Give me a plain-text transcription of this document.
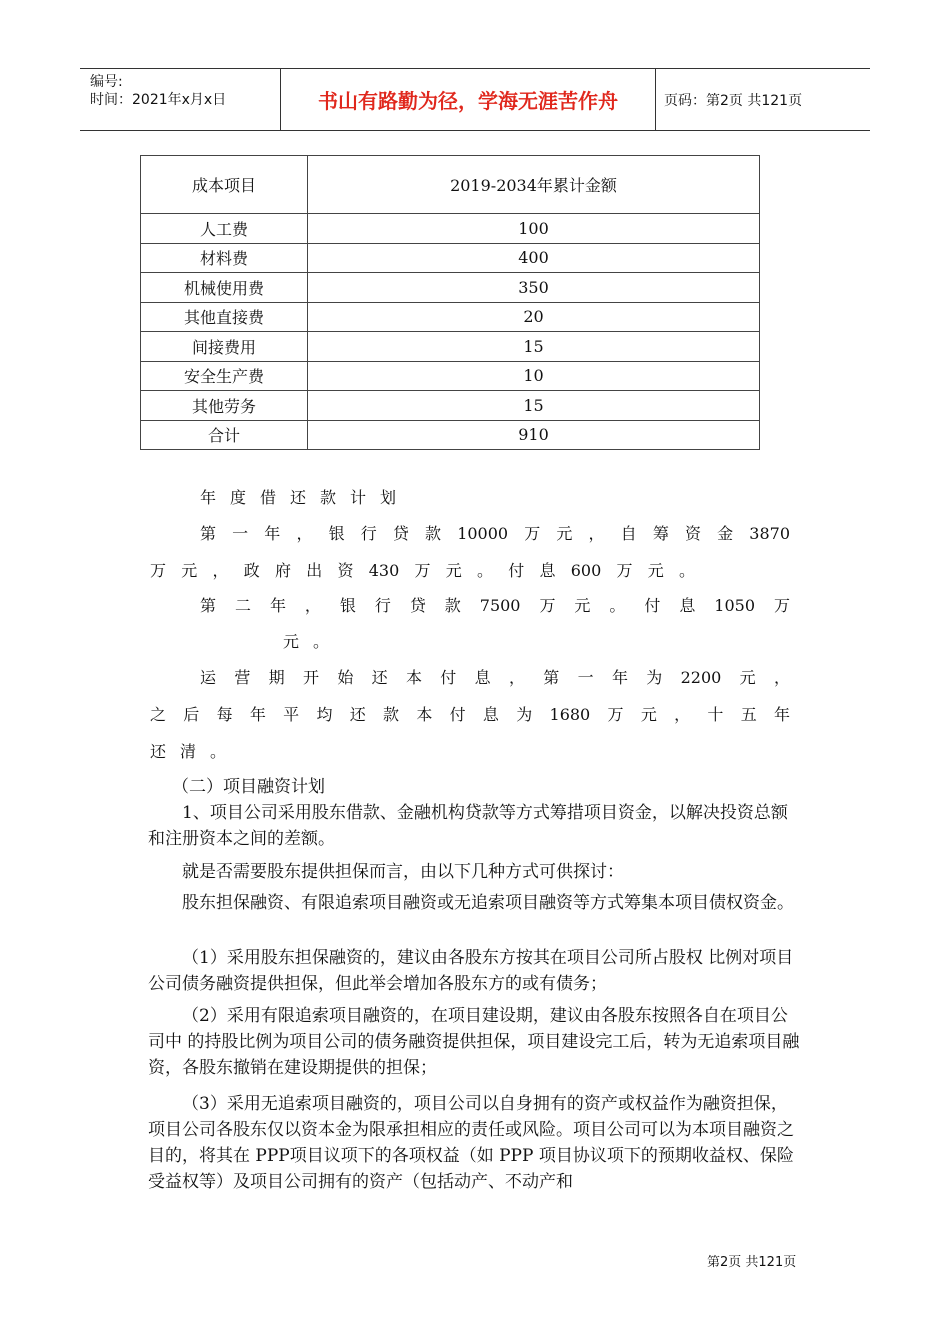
编号:
时间：2021年x月x日	书山有路勤为径，学海无涯苦作舟	页码：第2页 共121页
成本项目	2019-2034年累计金额
人工费	100
材料费	400
机械使用费	350
其他直接费	20
间接费用	15
安全生产费	10
其他劳务	15
合计	910
年度借还款计划
第一年，银行贷款10000万元，自筹资金3870
万元，政府出资430万元。付息600万元。
第二年，银行贷款7500万元。付息1050万
元。
运营期开始还本付息，第一年为2200元，
之后每年平均还款本付息为1680万元，十五年
还清。
（二）项目融资计划
1、项目公司采用股东借款、金融机构贷款等方式筹措项目资金，以解决投资总额和注册资本之间的差额。
就是否需要股东提供担保而言，由以下几种方式可供探讨：
股东担保融资、有限追索项目融资或无追索项目融资等方式筹集本项目债权资金。
（1）采用股东担保融资的，建议由各股东方按其在项目公司所占股权 比例对项目公司债务融资提供担保，但此举会增加各股东方的或有债务；
（2）采用有限追索项目融资的，在项目建设期，建议由各股东按照各自在项目公司中 的持股比例为项目公司的债务融资提供担保，项目建设完工后，转为无追索项目融资，各股东撤销在建设期提供的担保；
（3）采用无追索项目融资的，项目公司以自身拥有的资产或权益作为融资担保，项目公司各股东仅以资本金为限承担相应的责任或风险。项目公司可以为本项目融资之目的，将其在 PPP项目议项下的各项权益（如 PPP 项目协议项下的预期收益权、保险受益权等）及项目公司拥有的资产（包括动产、不动产和
第2页 共121页
